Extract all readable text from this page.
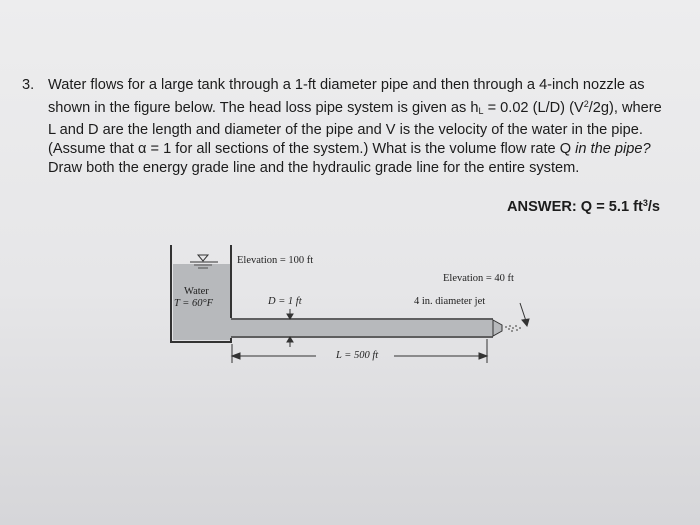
3. Water flows for a large tank through a 1-ft diameter pipe and then through a 4-inch nozzle as

shown in the figure below. The head loss pipe system is given as $h_L = 0.02$ (L/D) $(V^2/2g)$, where

L and D are the length and diameter of the pipe and V is the velocity of the water in the pipe.

(Assume that α = 1 for all sections of the system.) What is the volume flow rate Q in the pipe?

Draw both the energy grade line and the hydraulic grade line for the entire system.

ANSWER: Q = 5.1 $ft^3/s$
Elevation = 100 ft
Elevation = 40 ft
Water
T = 60°F	D = 1 ft	4 in. diameter jet
L = 500 ft
